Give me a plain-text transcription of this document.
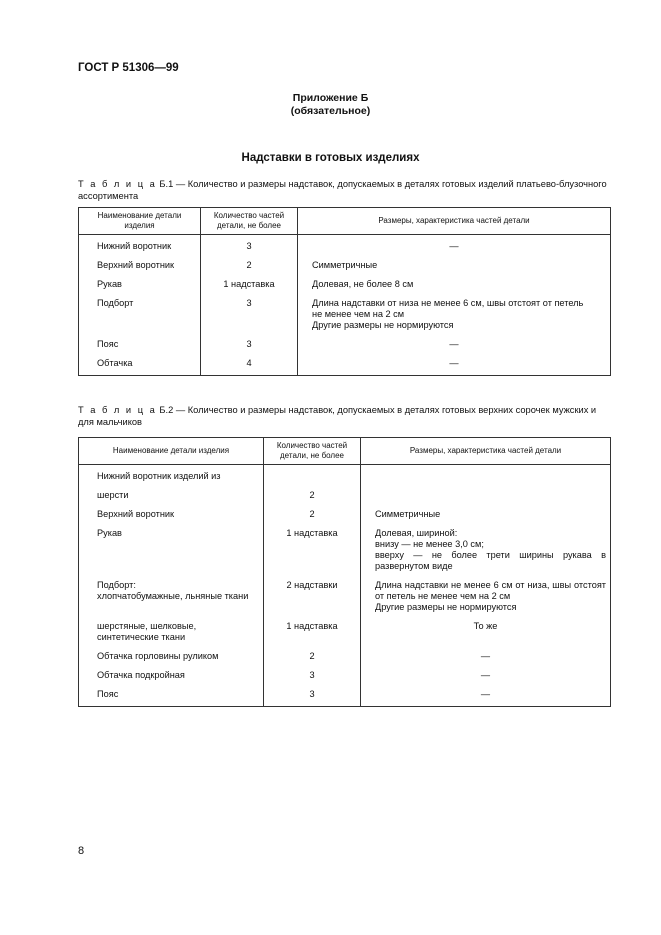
ГОСТ Р 51306—99
Приложение Б
(обязательное)
Надставки в готовых изделиях
Т а б л и ц а Б.1 — Количество и размеры надставок, допускаемых в деталях готовых изделий платьево-блузочного ассортимента
Наименование детали изделия	Количество частей детали, не более	Размеры, характеристика частей детали
Нижний воротник	3	—

Верхний воротник	2	Симметричные

Рукав	1 надставка	Долевая, не более 8 см

Подборт	3	Длина надставки от низа не менее 6 см, швы отстоят от петель
не менее чем на 2 см
Другие размеры не нормируются

Пояс	3	—

Обтачка	4	—
Т а б л и ц а Б.2 — Количество и размеры надставок, допускаемых в деталях готовых верхних сорочек мужских и для мальчиков
Наименование детали изделия	Количество частей детали, не более	Размеры, характеристика частей детали

Нижний воротник изделий из		

шерсти	2	

Верхний воротник	2	Симметричные

Рукав	1 надставка	Долевая, шириной:
внизу — не менее 3,0 см;
вверху — не более трети ширины рукава в развернутом виде

Подборт:
хлопчатобумажные, льняные ткани	2 надставки	Длина надставки не менее 6 см от низа, швы отстоят от петель не менее чем на 2 см
Другие размеры не нормируются

шерстяные, шелковые, синтетические ткани	1 надставка	То же

Обтачка горловины руликом	2	—

Обтачка подкройная	3	—

Пояс	3	—
8
